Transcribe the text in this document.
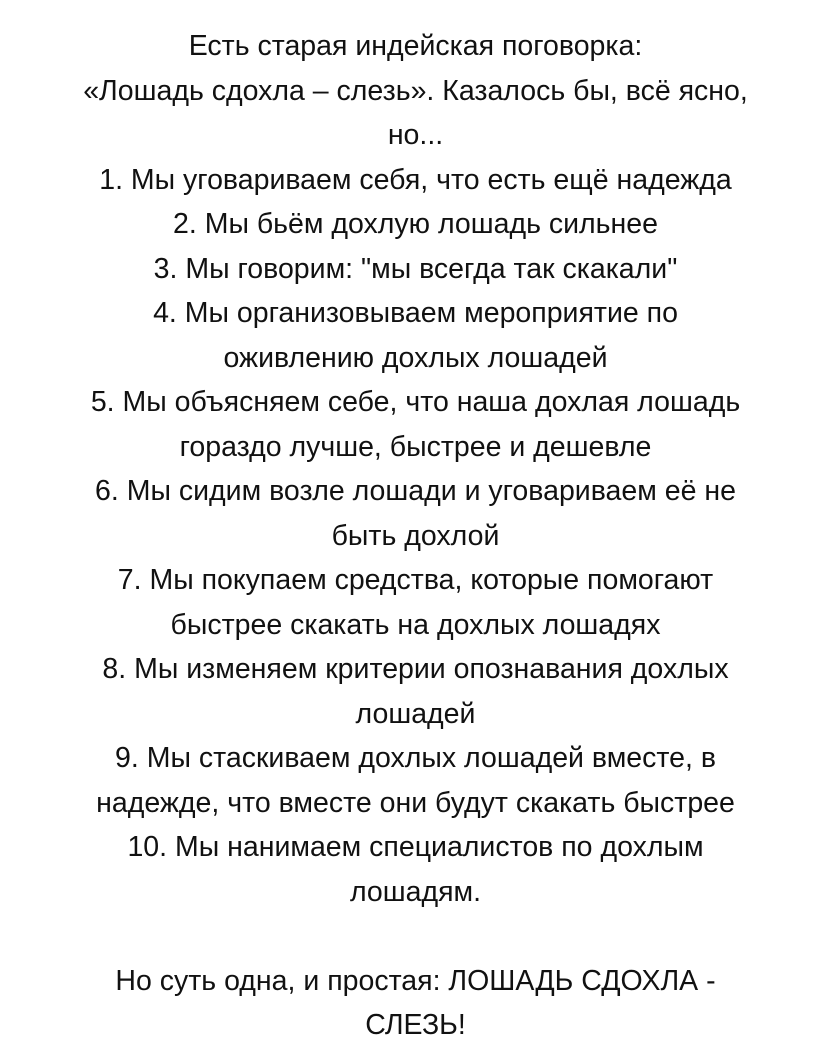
Есть старая индейская поговорка:
«Лошадь сдохла – слезь». Казалось бы, всё ясно,
но...
1. Мы уговариваем себя, что есть ещё надежда
2. Мы бьём дохлую лошадь сильнее
3. Мы говорим: "мы всегда так скакали"
4. Мы организовываем мероприятие по
оживлению дохлых лошадей
5. Мы объясняем себе, что наша дохлая лошадь
гораздо лучше, быстрее и дешевле
6. Мы сидим возле лошади и уговариваем её не
быть дохлой
7. Мы покупаем средства, которые помогают
быстрее скакать на дохлых лошадях
8. Мы изменяем критерии опознавания дохлых
лошадей
9. Мы стаскиваем дохлых лошадей вместе, в
надежде, что вместе они будут скакать быстрее
10. Мы нанимаем специалистов по дохлым
лошадям.
Но суть одна, и простая: ЛОШАДЬ СДОХЛА -
СЛЕЗЬ!
